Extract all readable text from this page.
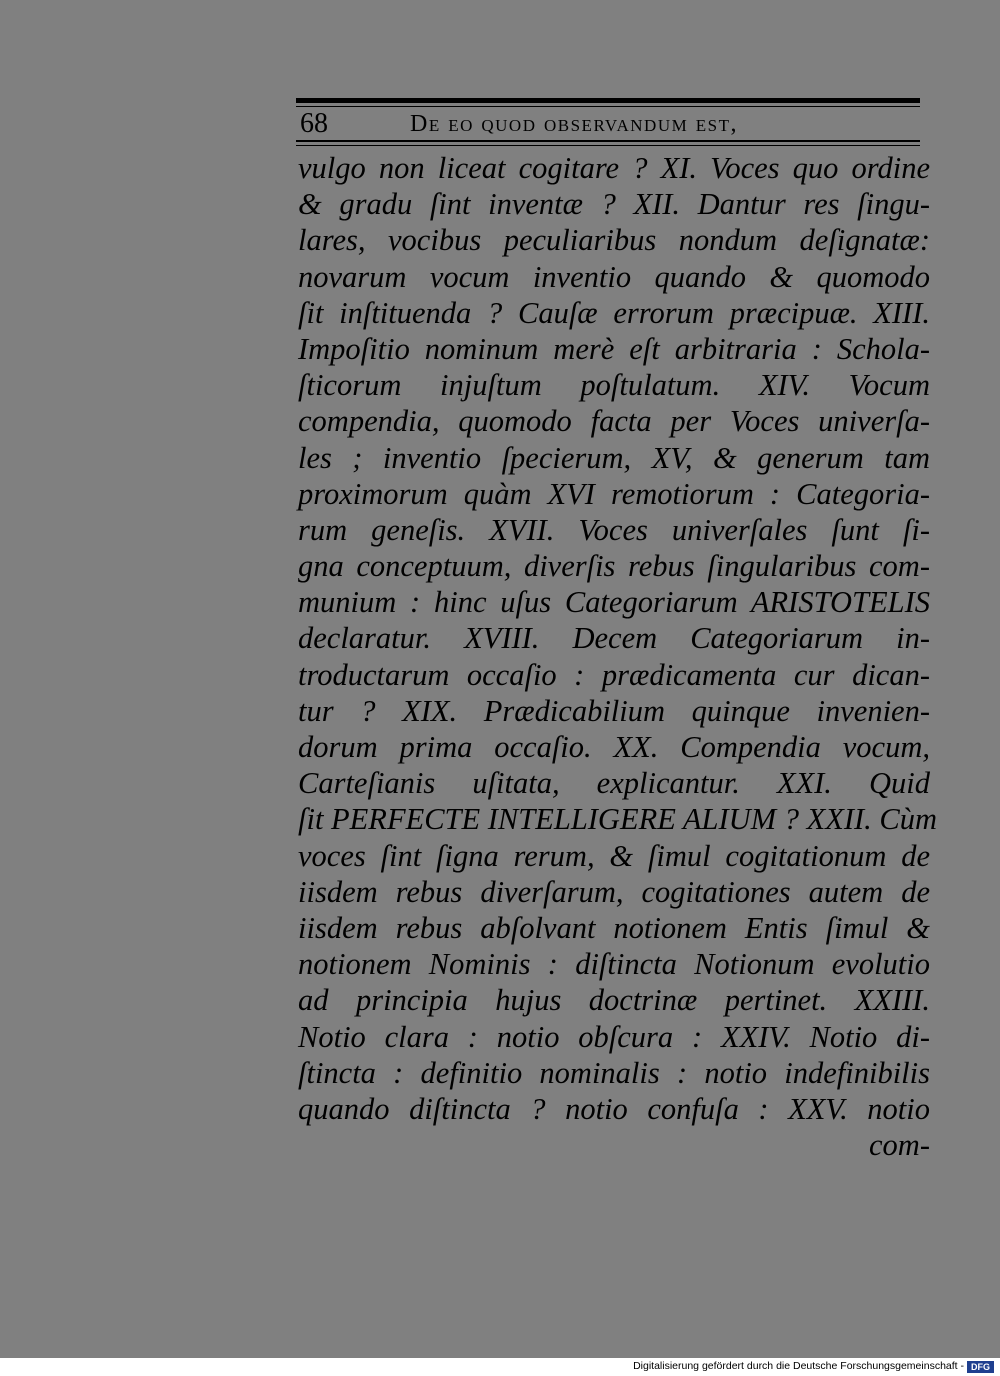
68	De eo quod observandum est,
vulgo non liceat cogitare ? XI. Voces quo ordine
& gradu ſint inventæ ? XII. Dantur res ſingu-
lares, vocibus peculiaribus nondum deſignatæ:
novarum vocum inventio quando & quomodo
ſit inſtituenda ? Cauſæ errorum præcipuæ. XIII.
Impoſitio nominum merè eſt arbitraria : Schola-
ſticorum injuſtum poſtulatum. XIV. Vocum
compendia, quomodo facta per Voces univerſa-
les ; inventio ſpecierum, XV, & generum tam
proximorum quàm XVI remotiorum : Categoria-
rum geneſis. XVII. Voces univerſales ſunt ſi-
gna conceptuum, diverſis rebus ſingularibus com-
munium : hinc uſus Categoriarum ARISTOTELIS
declaratur. XVIII. Decem Categoriarum in-
troductarum occaſio : prædicamenta cur dican-
tur ? XIX. Prædicabilium quinque invenien-
dorum prima occaſio. XX. Compendia vocum,
Carteſianis uſitata, explicantur. XXI. Quid
ſit PERFECTE INTELLIGERE ALIUM ? XXII. Cùm
voces ſint ſigna rerum, & ſimul cogitationum de
iisdem rebus diverſarum, cogitationes autem de
iisdem rebus abſolvant notionem Entis ſimul &
notionem Nominis : diſtincta Notionum evolutio
ad principia hujus doctrinæ pertinet. XXIII.
Notio clara : notio obſcura : XXIV. Notio di-
ſtincta : definitio nominalis : notio indefinibilis
quando diſtincta ? notio confuſa : XXV. notio
com-
Digitalisierung gefördert durch die Deutsche Forschungsgemeinschaft - DFG
